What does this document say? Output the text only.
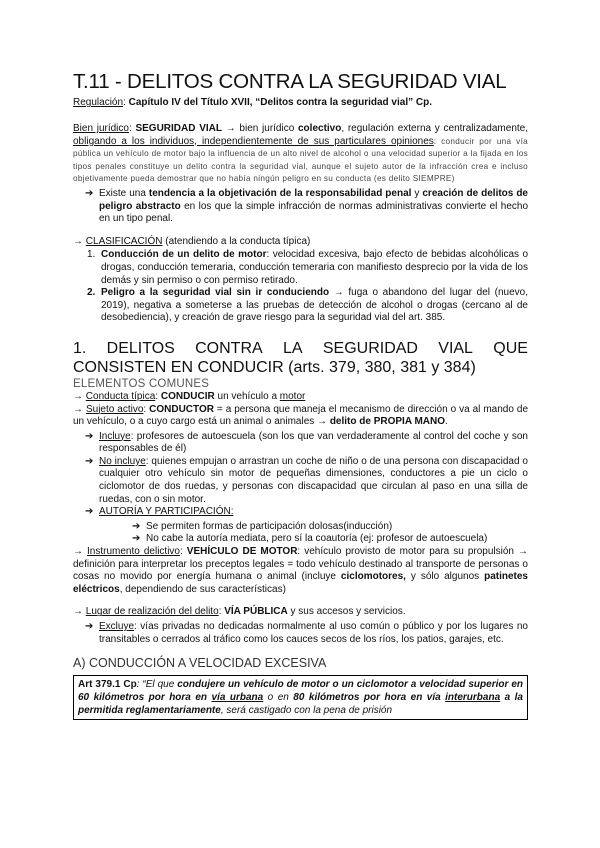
T.11 - DELITOS CONTRA LA SEGURIDAD VIAL
Regulación: Capítulo IV del Título XVII, “Delitos contra la seguridad vial” Cp.

Bien jurídico: SEGURIDAD VIAL → bien jurídico colectivo, regulación externa y centralizadamente, obligando a los individuos, independientemente de sus particulares opiniones: conducir por una vía pública un vehículo de motor bajo la influencia de un alto nivel de alcohol o una velocidad superior a la fijada en los tipos penales constituye un delito contra la seguridad vial, aunque el sujeto autor de la infracción crea e incluso objetivamente pueda demostrar que no había ningún peligro en su conducta (es delito SIEMPRE)

➔ Existe una tendencia a la objetivación de la responsabilidad penal y creación de delitos de peligro abstracto en los que la simple infracción de normas administrativas convierte el hecho en un tipo penal.

→ CLASIFICACIÓN (atendiendo a la conducta típica)

1. Conducción de un delito de motor: velocidad excesiva, bajo efecto de bebidas alcohólicas o drogas, conducción temeraria, conducción temeraria con manifiesto desprecio por la vida de los demás y sin permiso o con permiso retirado.
2. Peligro a la seguridad vial sin ir conduciendo → fuga o abandono del lugar del (nuevo, 2019), negativa a someterse a las pruebas de detección de alcohol o drogas (cercano al de desobediencia), y creación de grave riesgo para la seguridad vial del art. 385.
1. DELITOS CONTRA LA SEGURIDAD VIAL QUE
CONSISTEN EN CONDUCIR (arts. 379, 380, 381 y 384)
ELEMENTOS COMUNES

→ Conducta típica: CONDUCIR un vehículo a motor

→ Sujeto activo: CONDUCTOR = a persona que maneja el mecanismo de dirección o va al mando de un vehículo, o a cuyo cargo está un animal o animales → delito de PROPIA MANO.

➔ Incluye: profesores de autoescuela (son los que van verdaderamente al control del coche y son responsables de él)
➔ No incluye: quienes empujan o arrastran un coche de niño o de una persona con discapacidad o cualquier otro vehículo sin motor de pequeñas dimensiones, conductores a pie un ciclo o ciclomotor de dos ruedas, y personas con discapacidad que circulan al paso en una silla de ruedas, con o sin motor.
➔ AUTORÍA Y PARTICIPACIÓN:
➔ Se permiten formas de participación dolosas(inducción)
➔ No cabe la autoría mediata, pero sí la coautoría (ej: profesor de autoescuela)

→ Instrumento delictivo: VEHÍCULO DE MOTOR: vehículo provisto de motor para su propulsión → definición para interpretar los preceptos legales = todo vehículo destinado al transporte de personas o cosas no movido por energía humana o animal (incluye ciclomotores, y sólo algunos patinetes eléctricos, dependiendo de sus características)

→ Lugar de realización del delito: VÍA PÚBLICA y sus accesos y servicios.

➔ Excluye: vías privadas no dedicadas normalmente al uso común o público y por los lugares no transitables o cerrados al tráfico como los cauces secos de los ríos, los patios, garajes, etc.
A) CONDUCCIÓN A VELOCIDAD EXCESIVA
Art 379.1 Cp: “El que condujere un vehículo de motor o un ciclomotor a velocidad superior en 60 kilómetros por hora en vía urbana o en 80 kilómetros por hora en vía interurbana a la permitida reglamentariamente, será castigado con la pena de prisión
